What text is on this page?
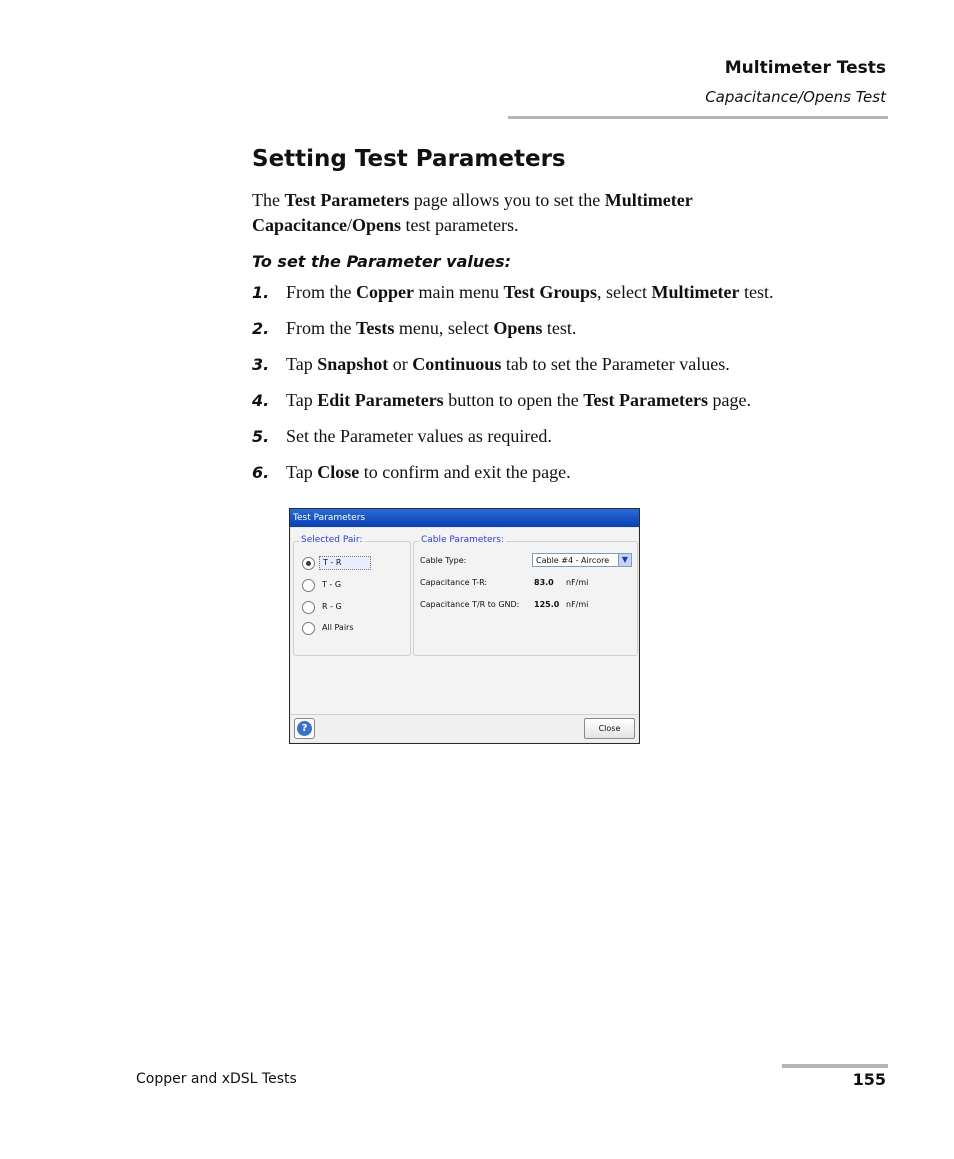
Multimeter Tests
Capacitance/Opens Test
Setting Test Parameters
The Test Parameters page allows you to set the Multimeter Capacitance/Opens test parameters.
To set the Parameter values:
1. From the Copper main menu Test Groups, select Multimeter test.
2. From the Tests menu, select Opens test.
3. Tap Snapshot or Continuous tab to set the Parameter values.
4. Tap Edit Parameters button to open the Test Parameters page.
5. Set the Parameter values as required.
6. Tap Close to confirm and exit the page.
Test Parameters
Selected Pair:
T - R
T - G
R - G
All Pairs
Cable Parameters:
Cable Type:	Cable #4 - Aircore	▼
Capacitance T-R:	83.0 nF/mi
Capacitance T/R to GND: 125.0 nF/mi
?	Close
Copper and xDSL Tests	155
